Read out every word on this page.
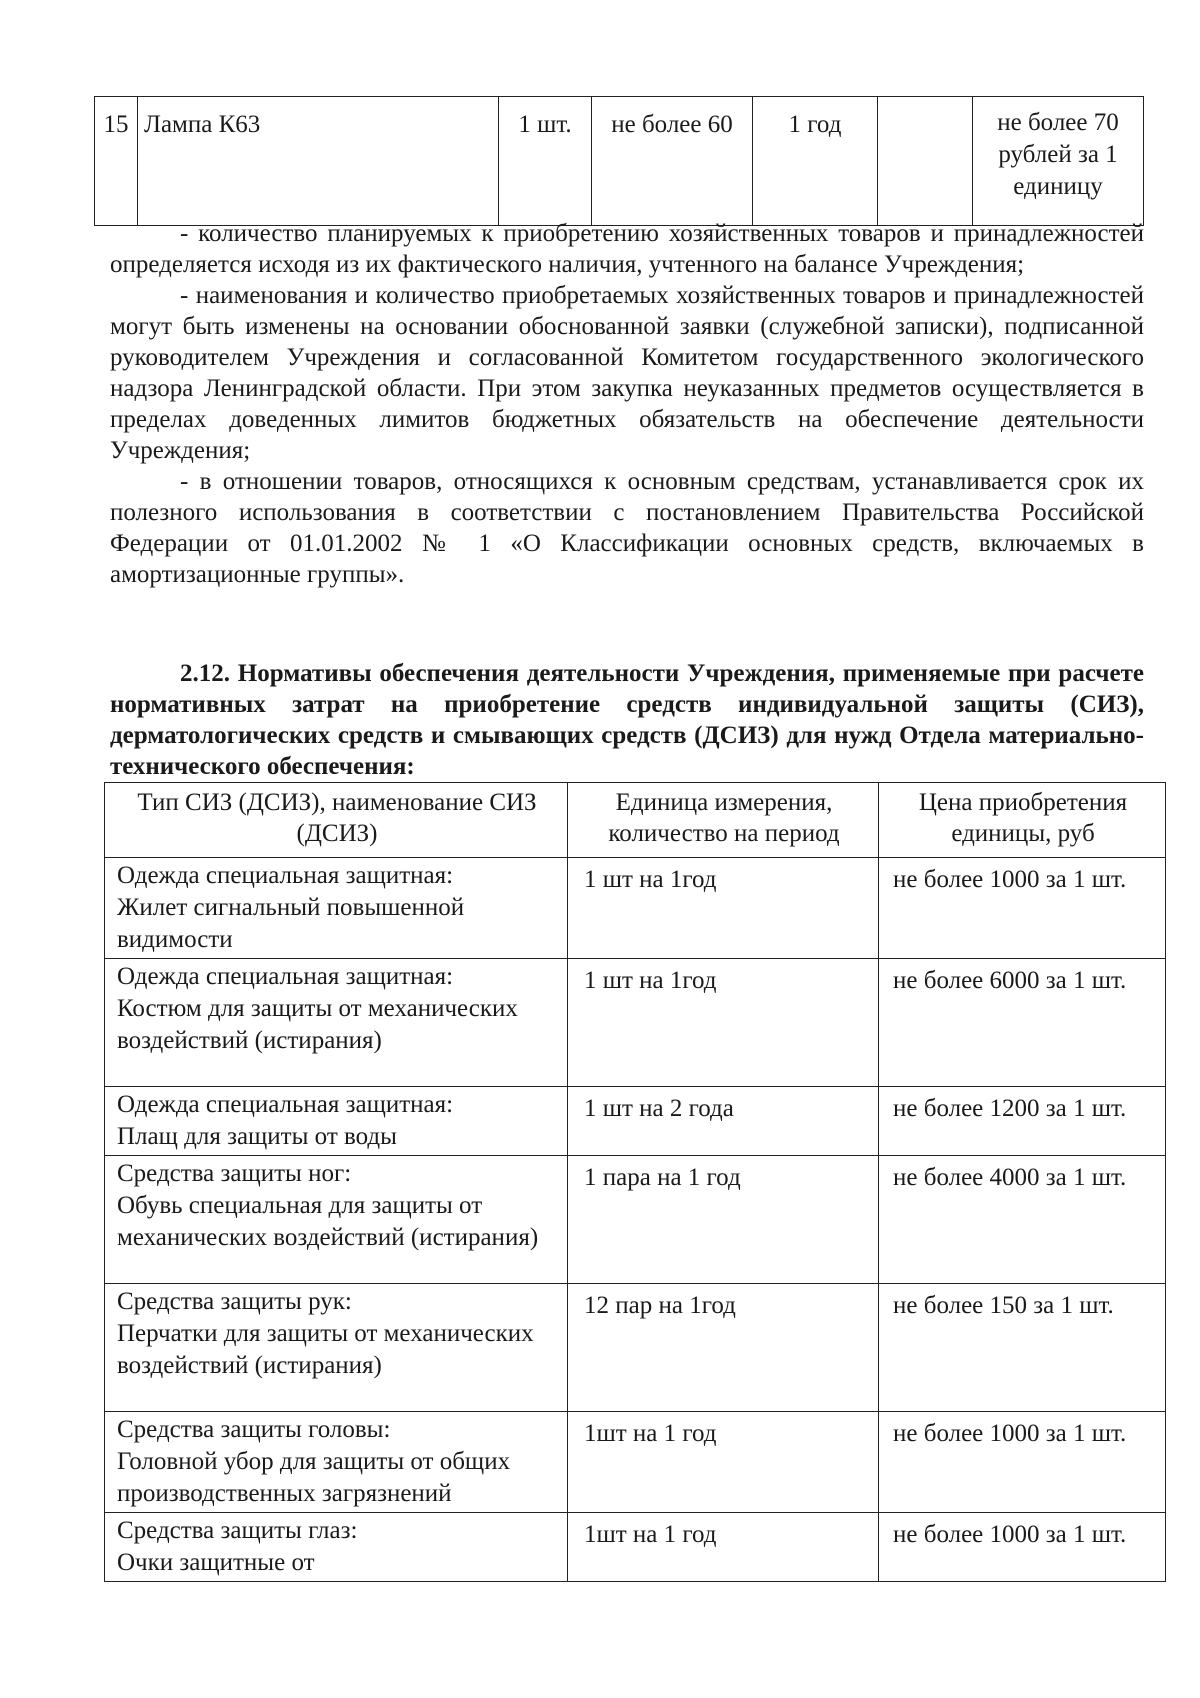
15	Лампа К63	1 шт.	не более 60	1 год		не более 70 рублей за 1 единицу

- количество планируемых к приобретению хозяйственных товаров и принадлежностей определяется исходя из их фактического наличия, учтенного на балансе Учреждения;

- наименования и количество приобретаемых хозяйственных товаров и принадлежностей могут быть изменены на основании обоснованной заявки (служебной записки), подписанной руководителем Учреждения и согласованной Комитетом государственного экологического надзора Ленинградской области. При этом закупка неуказанных предметов осуществляется в пределах доведенных лимитов бюджетных обязательств на обеспечение деятельности Учреждения;

- в отношении товаров, относящихся к основным средствам, устанавливается срок их полезного использования в соответствии с постановлением Правительства Российской Федерации от 01.01.2002 № 1 «О Классификации основных средств, включаемых в амортизационные группы».

2.12. Нормативы обеспечения деятельности Учреждения, применяемые при расчете нормативных затрат на приобретение средств индивидуальной защиты (СИЗ), дерматологических средств и смывающих средств (ДСИЗ) для нужд Отдела материально-технического обеспечения:
Тип СИЗ (ДСИЗ), наименование СИЗ (ДСИЗ)	Единица измерения, количество на период	Цена приобретения единицы, руб

Одежда специальная защитная:
Жилет сигнальный повышенной видимости	1 шт на 1год	не более 1000 за 1 шт.

Одежда специальная защитная:
Костюм для защиты от механических воздействий (истирания)	1 шт на 1год	не более 6000 за 1 шт.

Одежда специальная защитная:
Плащ для защиты от воды	1 шт на 2 года	не более 1200 за 1 шт.

Средства защиты ног:
Обувь специальная для защиты от механических воздействий (истирания)	1 пара на 1 год	не более 4000 за 1 шт.

Средства защиты рук:
Перчатки для защиты от механических воздействий (истирания)	12 пар на 1год	не более 150 за 1 шт.

Средства защиты головы:
Головной убор для защиты от общих производственных загрязнений	1шт на 1 год	не более 1000 за 1 шт.

Средства защиты глаз:
Очки защитные от	1шт на 1 год	не более 1000 за 1 шт.
